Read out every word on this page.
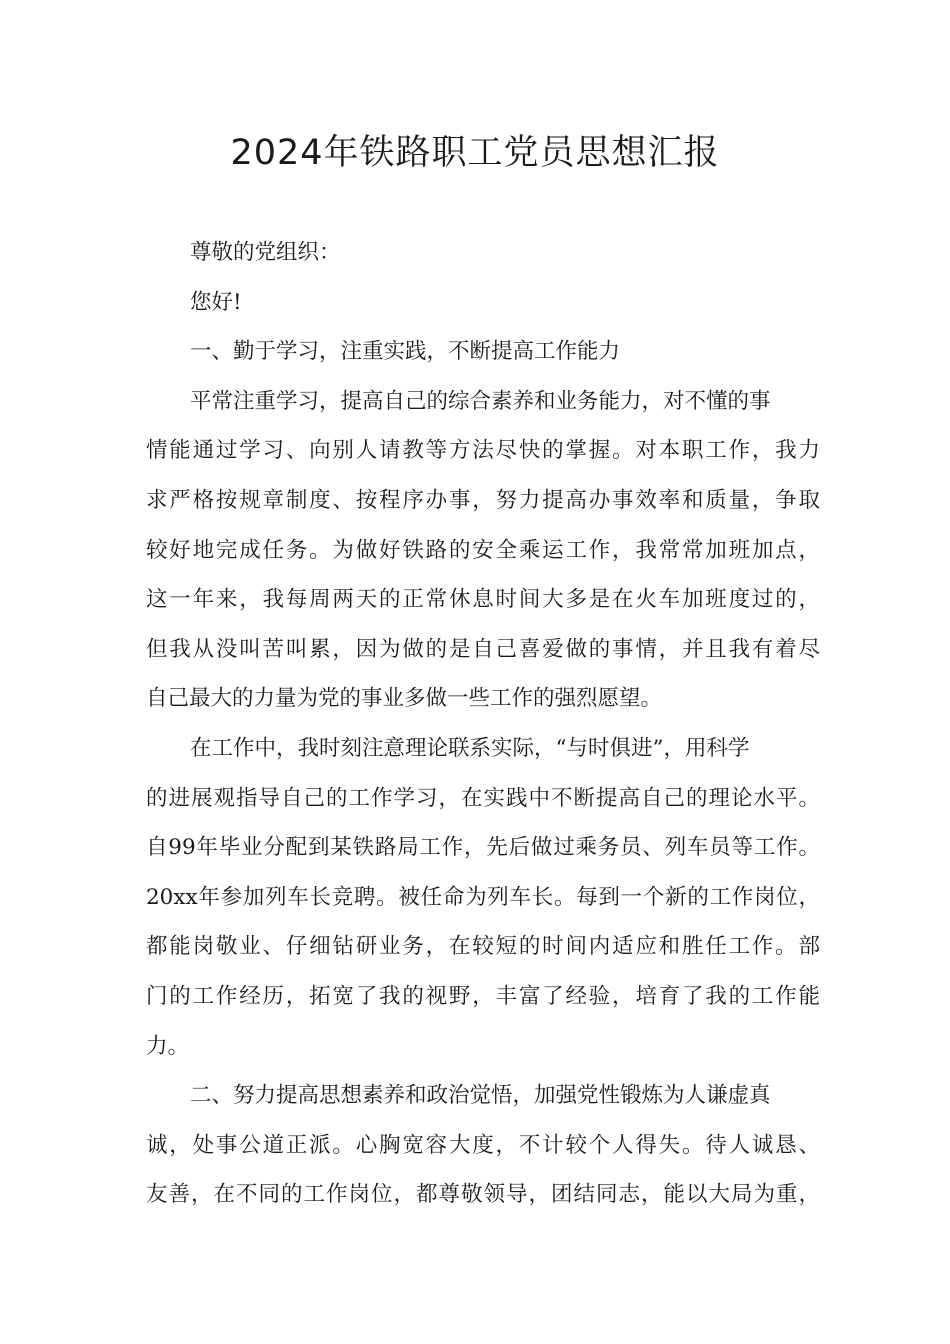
2024年铁路职工党员思想汇报
尊敬的党组织：
您好!
一、勤于学习，注重实践，不断提高工作能力
平常注重学习，提高自己的综合素养和业务能力，对不懂的事
情能通过学习、向别人请教等方法尽快的掌握。对本职工作，我力
求严格按规章制度、按程序办事，努力提高办事效率和质量，争取
较好地完成任务。为做好铁路的安全乘运工作，我常常加班加点，
这一年来，我每周两天的正常休息时间大多是在火车加班度过的，
但我从没叫苦叫累，因为做的是自己喜爱做的事情，并且我有着尽
自己最大的力量为党的事业多做一些工作的强烈愿望。
在工作中，我时刻注意理论联系实际，“与时俱进”，用科学
的进展观指导自己的工作学习，在实践中不断提高自己的理论水平。
自99年毕业分配到某铁路局工作，先后做过乘务员、列车员等工作。
20xx年参加列车长竞聘。被任命为列车长。每到一个新的工作岗位，
都能岗敬业、仔细钻研业务，在较短的时间内适应和胜任工作。部
门的工作经历，拓宽了我的视野，丰富了经验，培育了我的工作能
力。
二、努力提高思想素养和政治觉悟，加强党性锻炼为人谦虚真
诚，处事公道正派。心胸宽容大度，不计较个人得失。待人诚恳、
友善，在不同的工作岗位，都尊敬领导，团结同志，能以大局为重，
